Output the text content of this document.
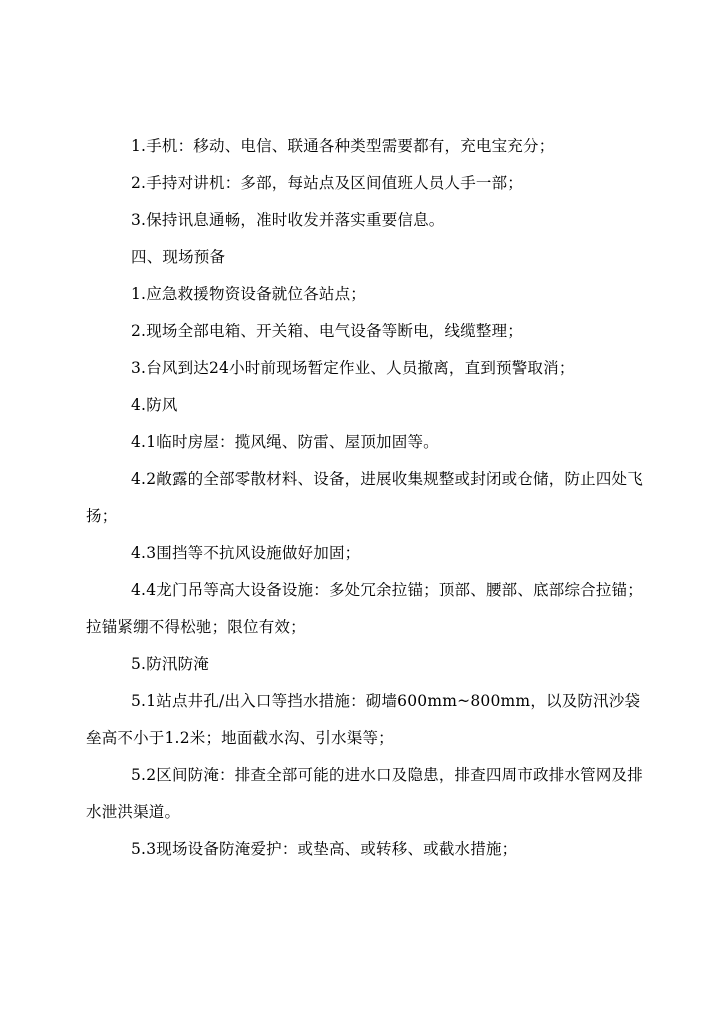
1.手机：移动、电信、联通各种类型需要都有，充电宝充分；

2.手持对讲机：多部，每站点及区间值班人员人手一部；

3.保持讯息通畅，准时收发并落实重要信息。

四、现场预备

1.应急救援物资设备就位各站点；

2.现场全部电箱、开关箱、电气设备等断电，线缆整理；

3.台风到达24小时前现场暂定作业、人员撤离，直到预警取消；

4.防风

4.1临时房屋：揽风绳、防雷、屋顶加固等。

4.2敞露的全部零散材料、设备，进展收集规整或封闭或仓储，防止四处飞扬；

4.3围挡等不抗风设施做好加固；

4.4龙门吊等高大设备设施：多处冗余拉锚；顶部、腰部、底部综合拉锚；拉锚紧绷不得松驰；限位有效；

5.防汛防淹

5.1站点井孔/出入口等挡水措施：砌墙600mm~800mm，以及防汛沙袋垒高不小于1.2米；地面截水沟、引水渠等；

5.2区间防淹：排查全部可能的进水口及隐患，排查四周市政排水管网及排水泄洪渠道。

5.3现场设备防淹爱护：或垫高、或转移、或截水措施；
